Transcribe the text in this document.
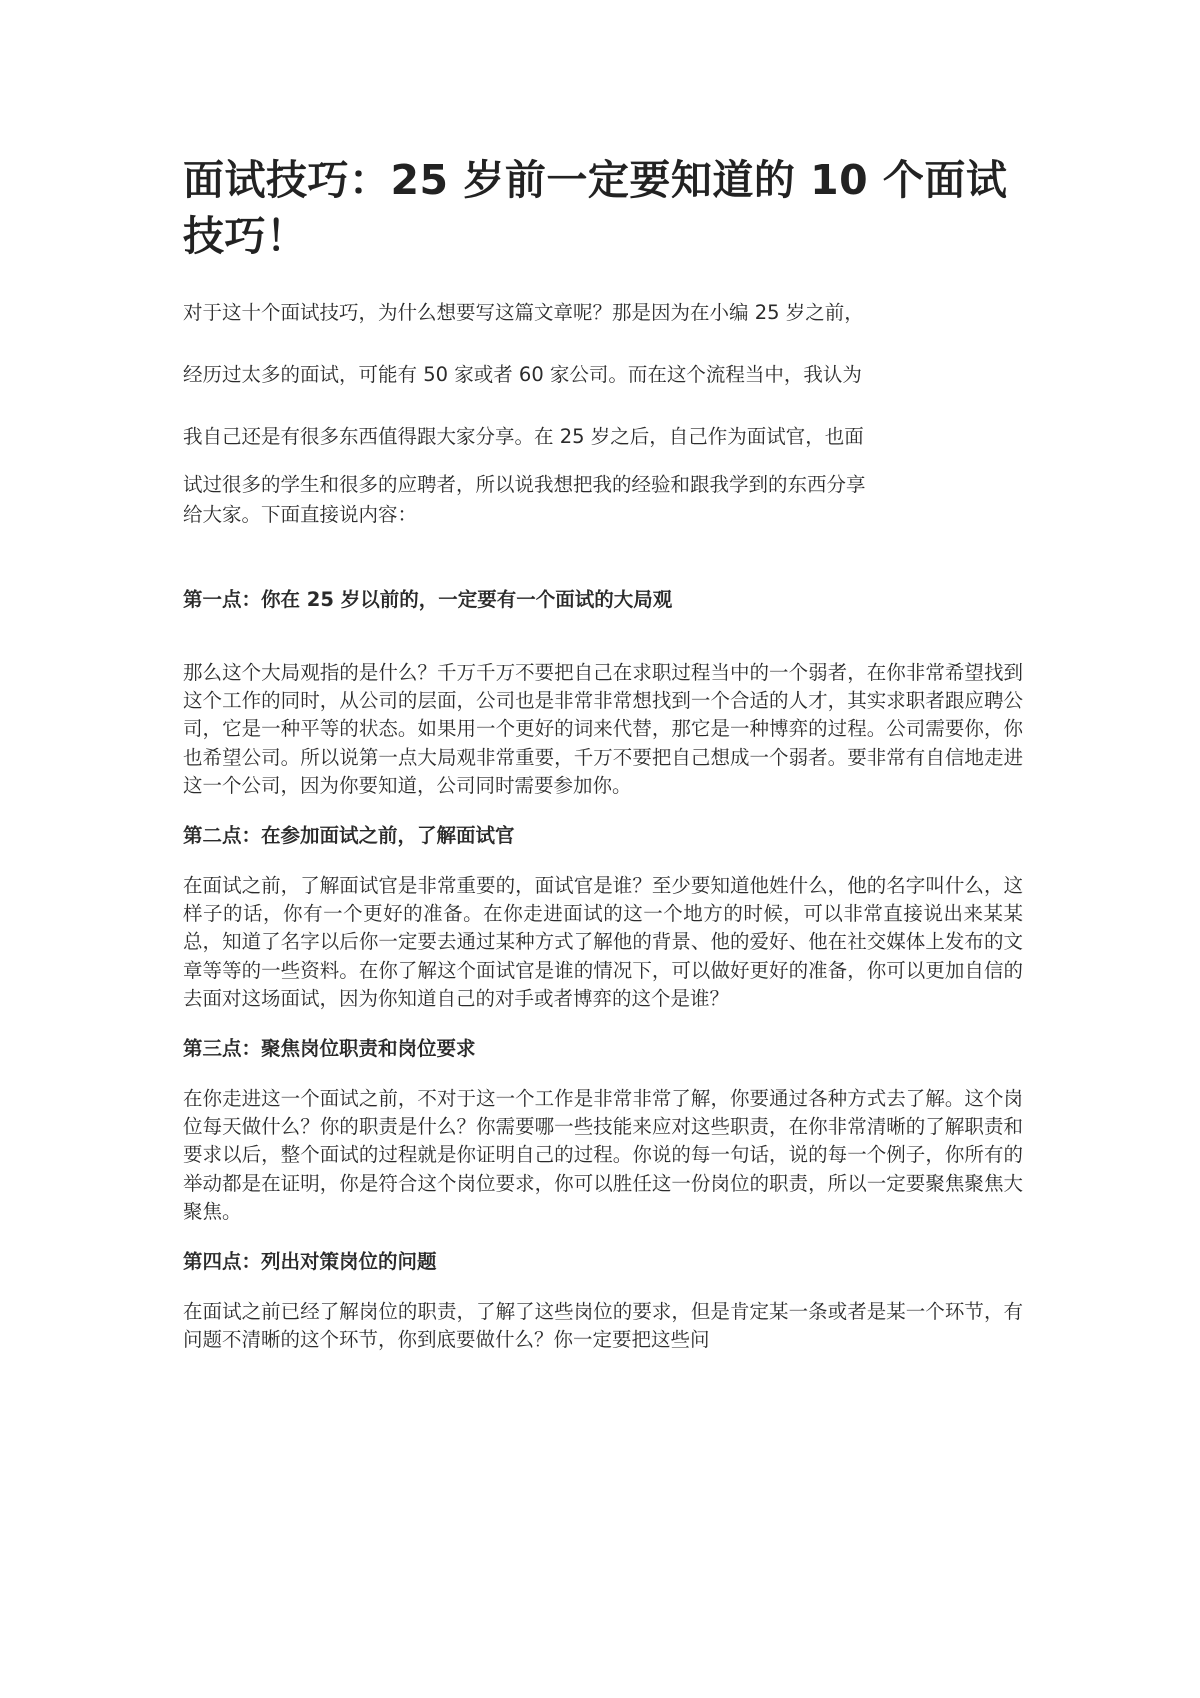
面试技巧：25 岁前一定要知道的 10 个面试技巧！

对于这十个面试技巧，为什么想要写这篇文章呢？那是因为在小编 25 岁之前，

经历过太多的面试，可能有 50 家或者 60 家公司。而在这个流程当中，我认为

我自己还是有很多东西值得跟大家分享。在 25 岁之后，自己作为面试官，也面

试过很多的学生和很多的应聘者，所以说我想把我的经验和跟我学到的东西分享

给大家。下面直接说内容：

第一点：你在 25 岁以前的，一定要有一个面试的大局观

那么这个大局观指的是什么？千万千万不要把自己在求职过程当中的一个弱者，在你非常希望找到这个工作的同时，从公司的层面，公司也是非常非常想找到一个合适的人才，其实求职者跟应聘公司，它是一种平等的状态。如果用一个更好的词来代替，那它是一种博弈的过程。公司需要你，你也希望公司。所以说第一点大局观非常重要，千万不要把自己想成一个弱者。要非常有自信地走进这一个公司，因为你要知道，公司同时需要参加你。

第二点：在参加面试之前，了解面试官

在面试之前，了解面试官是非常重要的，面试官是谁？至少要知道他姓什么，他的名字叫什么，这样子的话，你有一个更好的准备。在你走进面试的这一个地方的时候，可以非常直接说出来某某总，知道了名字以后你一定要去通过某种方式了解他的背景、他的爱好、他在社交媒体上发布的文章等等的一些资料。在你了解这个面试官是谁的情况下，可以做好更好的准备，你可以更加自信的去面对这场面试，因为你知道自己的对手或者博弈的这个是谁？

第三点：聚焦岗位职责和岗位要求

在你走进这一个面试之前，不对于这一个工作是非常非常了解，你要通过各种方式去了解。这个岗位每天做什么？你的职责是什么？你需要哪一些技能来应对这些职责，在你非常清晰的了解职责和要求以后，整个面试的过程就是你证明自己的过程。你说的每一句话，说的每一个例子，你所有的举动都是在证明，你是符合这个岗位要求，你可以胜任这一份岗位的职责，所以一定要聚焦聚焦大聚焦。

第四点：列出对策岗位的问题

在面试之前已经了解岗位的职责，了解了这些岗位的要求，但是肯定某一条或者是某一个环节，有问题不清晰的这个环节，你到底要做什么？你一定要把这些问
